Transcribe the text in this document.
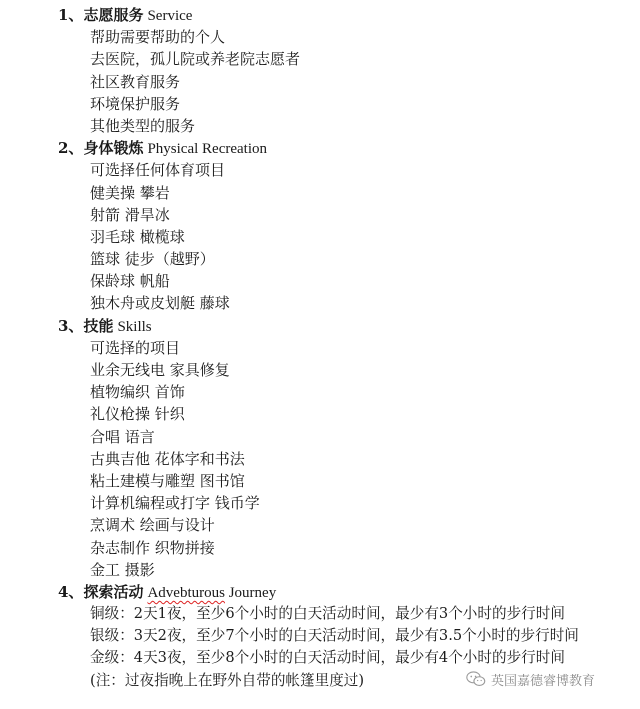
1、志愿服务 Service
帮助需要帮助的个人
去医院，孤儿院或养老院志愿者
社区教育服务
环境保护服务
其他类型的服务
2、身体锻炼 Physical Recreation
可选择任何体育项目
健美操 攀岩
射箭 滑旱冰
羽毛球 橄榄球
篮球 徒步（越野）
保龄球 帆船
独木舟或皮划艇 藤球
3、技能 Skills
可选择的项目
业余无线电 家具修复
植物编织 首饰
礼仪枪操 针织
合唱 语言
古典吉他 花体字和书法
粘土建模与雕塑 图书馆
计算机编程或打字 钱币学
烹调术 绘画与设计
杂志制作 织物拼接
金工 摄影
4、探索活动 Advebturous Journey
铜级：2天1夜，至少6个小时的白天活动时间，最少有3个小时的步行时间
银级：3天2夜，至少7个小时的白天活动时间，最少有3.5个小时的步行时间
金级：4天3夜，至少8个小时的白天活动时间，最少有4个小时的步行时间
(注：过夜指晚上在野外自带的帐篷里度过)	英国嘉德睿博教育
